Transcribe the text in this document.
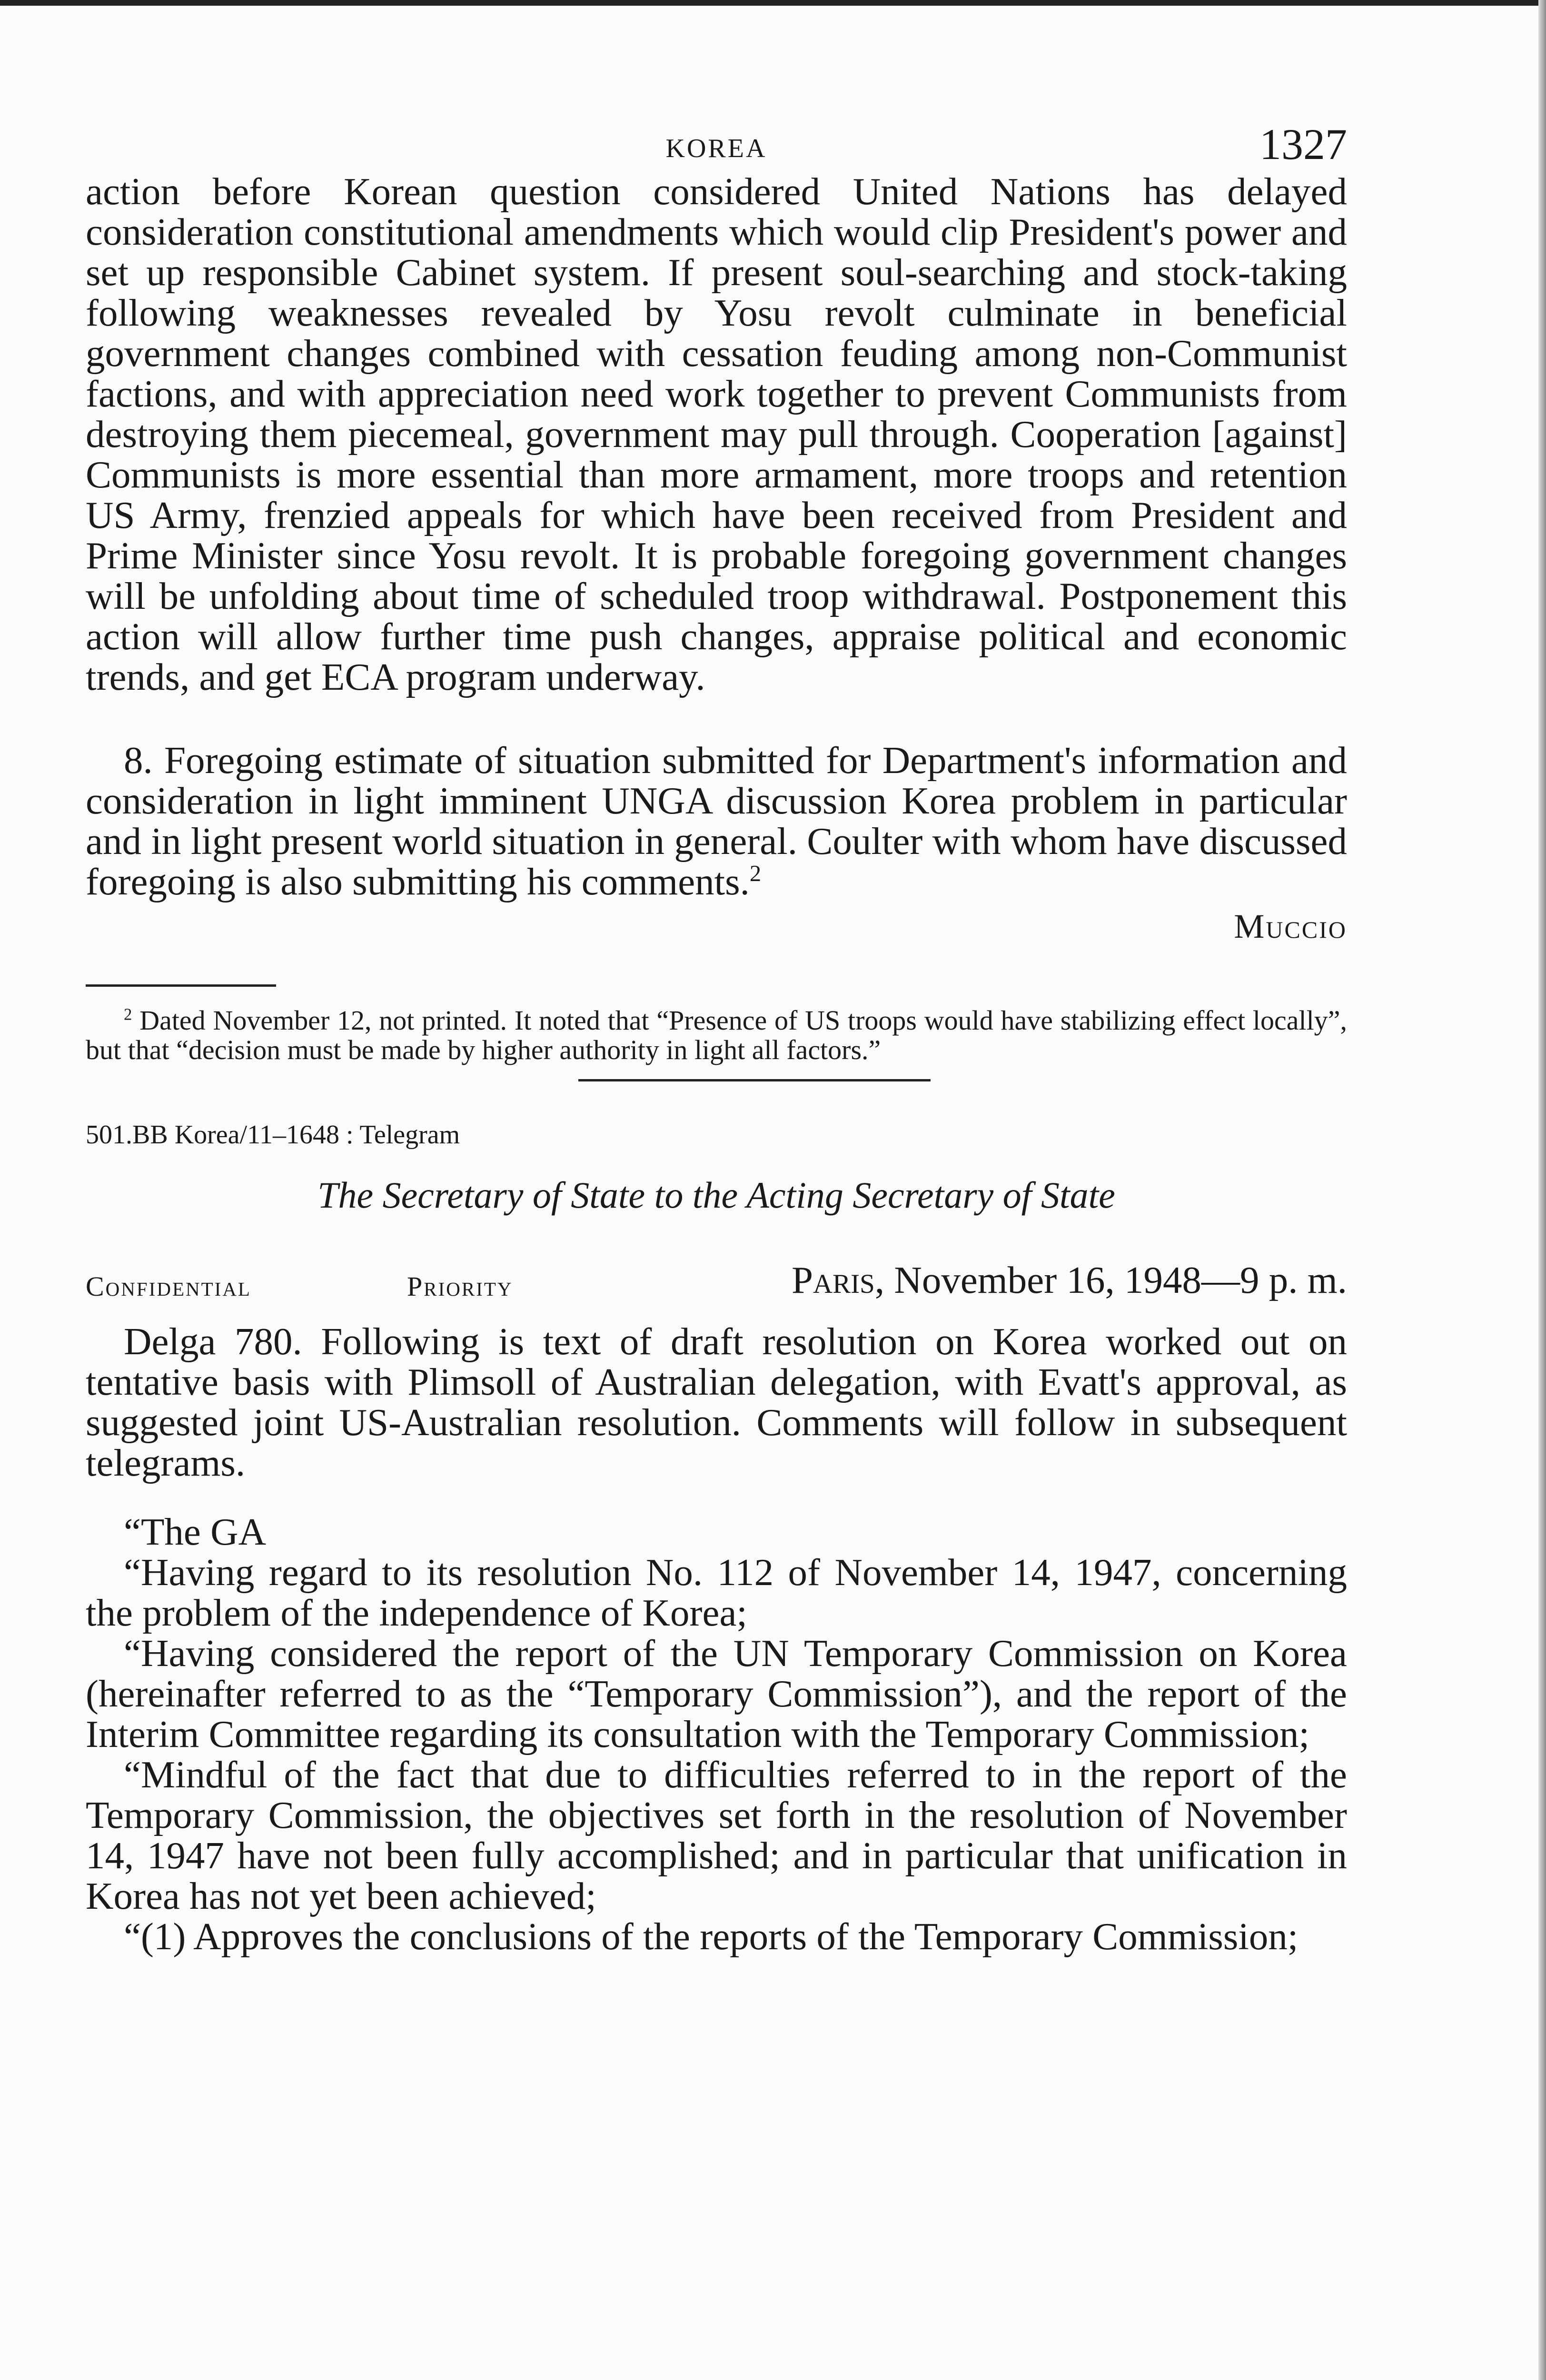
KOREA	1327

action before Korean question considered United Nations has delayed consideration constitutional amendments which would clip President's power and set up responsible Cabinet system. If present soul-searching and stock-taking following weaknesses revealed by Yosu revolt culminate in beneficial government changes combined with cessation feuding among non-Communist factions, and with appreciation need work together to prevent Communists from destroying them piecemeal, government may pull through. Cooperation [against] Communists is more essential than more armament, more troops and retention US Army, frenzied appeals for which have been received from President and Prime Minister since Yosu revolt. It is probable foregoing government changes will be unfolding about time of scheduled troop withdrawal. Postponement this action will allow further time push changes, appraise political and economic trends, and get ECA program underway.

8. Foregoing estimate of situation submitted for Department's information and consideration in light imminent UNGA discussion Korea problem in particular and in light present world situation in general. Coulter with whom have discussed foregoing is also submitting his comments.$^2$

Muccio

$^2$ Dated November 12, not printed. It noted that “Presence of US troops would have stabilizing effect locally”, but that “decision must be made by higher authority in light all factors.”

501.BB Korea/11–1648 : Telegram
The Secretary of State to the Acting Secretary of State
Confidential	Priority	Paris, November 16, 1948—9 p. m.

Delga 780. Following is text of draft resolution on Korea worked out on tentative basis with Plimsoll of Australian delegation, with Evatt's approval, as suggested joint US-Australian resolution. Comments will follow in subsequent telegrams.

“The GA

“Having regard to its resolution No. 112 of November 14, 1947, concerning the problem of the independence of Korea;

“Having considered the report of the UN Temporary Commission on Korea (hereinafter referred to as the “Temporary Commission”), and the report of the Interim Committee regarding its consultation with the Temporary Commission;

“Mindful of the fact that due to difficulties referred to in the report of the Temporary Commission, the objectives set forth in the resolution of November 14, 1947 have not been fully accomplished; and in particular that unification in Korea has not yet been achieved;

“(1) Approves the conclusions of the reports of the Temporary Commission;
